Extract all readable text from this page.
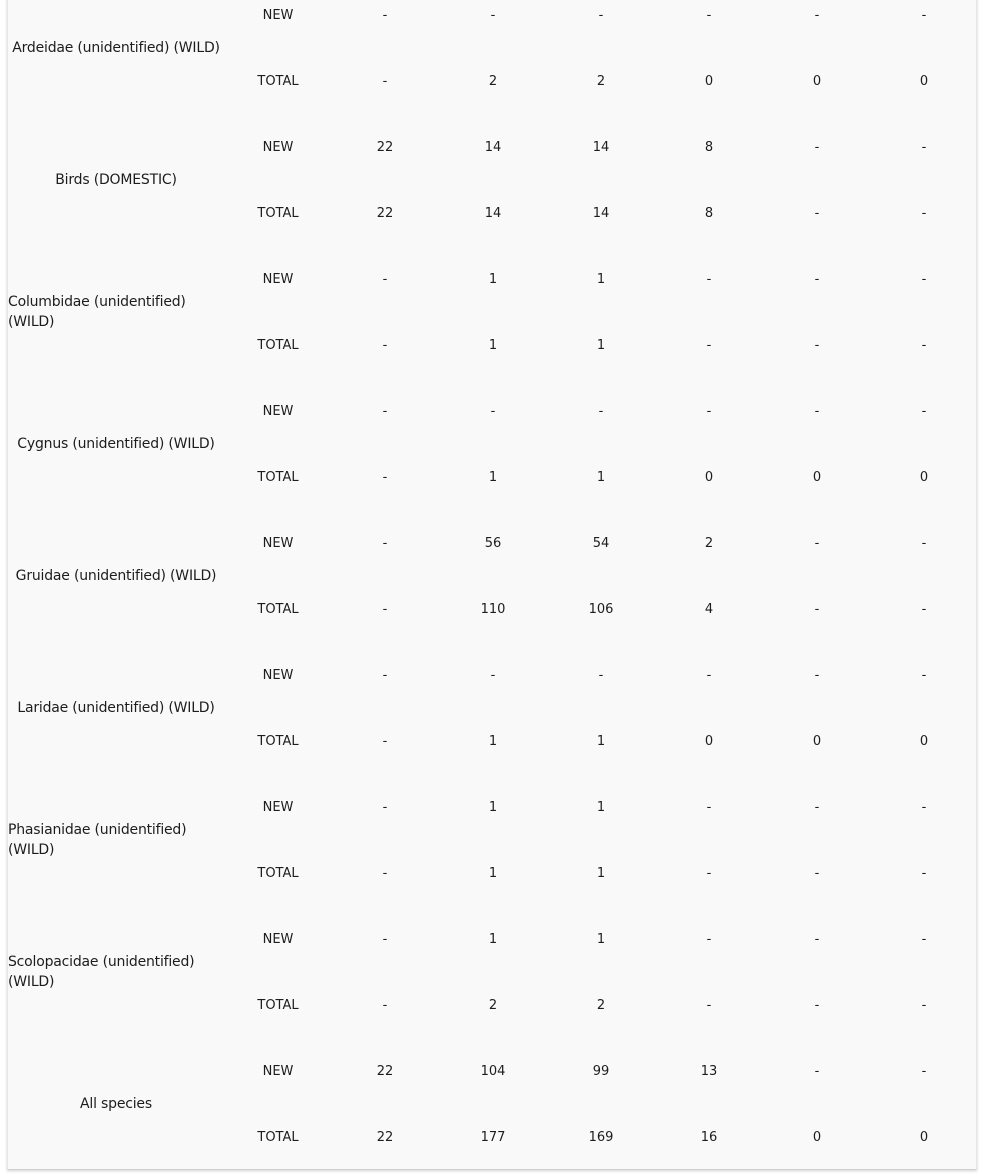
Ardeidae (unidentified) (WILD)
NEW	-	-	-	-	-	-
TOTAL	-	2	2	0	0	0
Birds (DOMESTIC)
NEW	22	14	14	8	-	-
TOTAL	22	14	14	8	-	-
Columbidae (unidentified) (WILD)
NEW	-	1	1	-	-	-
TOTAL	-	1	1	-	-	-
Cygnus (unidentified) (WILD)
NEW	-	-	-	-	-	-
TOTAL	-	1	1	0	0	0
Gruidae (unidentified) (WILD)
NEW	-	56	54	2	-	-
TOTAL	-	110	106	4	-	-
Laridae (unidentified) (WILD)
NEW	-	-	-	-	-	-
TOTAL	-	1	1	0	0	0
Phasianidae (unidentified) (WILD)
NEW	-	1	1	-	-	-
TOTAL	-	1	1	-	-	-
Scolopacidae (unidentified) (WILD)
NEW	-	1	1	-	-	-
TOTAL	-	2	2	-	-	-
All species
NEW	22	104	99	13	-	-
TOTAL	22	177	169	16	0	0
